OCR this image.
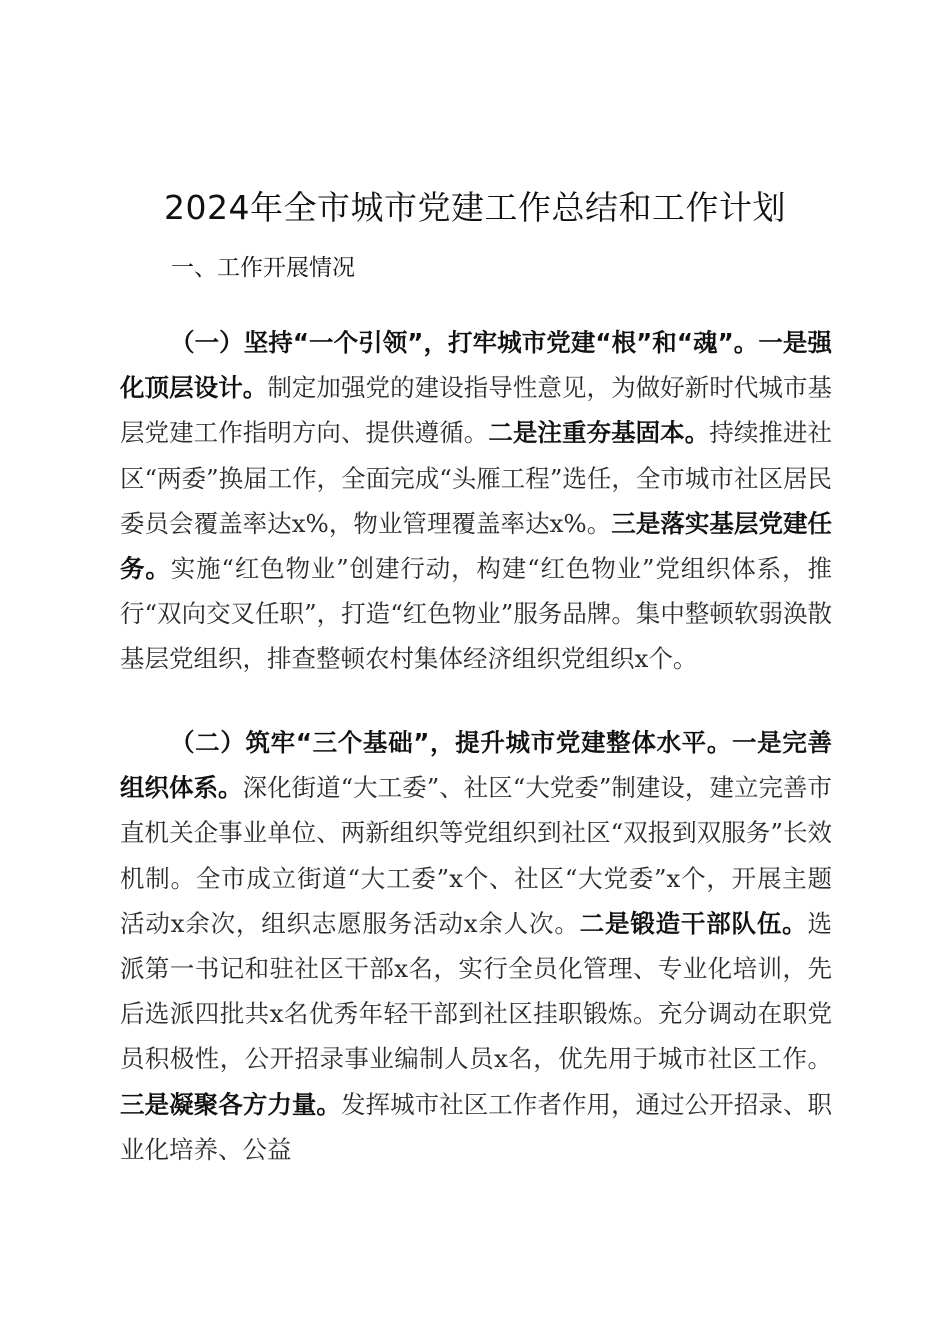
2024年全市城市党建工作总结和工作计划
一、工作开展情况
（一）坚持“一个引领”，打牢城市党建“根”和“魂”。一是强化顶层设计。制定加强党的建设指导性意见，为做好新时代城市基层党建工作指明方向、提供遵循。二是注重夯基固本。持续推进社区“两委”换届工作，全面完成“头雁工程”选任，全市城市社区居民委员会覆盖率达x%，物业管理覆盖率达x%。三是落实基层党建任务。实施“红色物业”创建行动，构建“红色物业”党组织体系，推行“双向交叉任职”，打造“红色物业”服务品牌。集中整顿软弱涣散基层党组织，排查整顿农村集体经济组织党组织x个。
（二）筑牢“三个基础”，提升城市党建整体水平。一是完善组织体系。深化街道“大工委”、社区“大党委”制建设，建立完善市直机关企事业单位、两新组织等党组织到社区“双报到双服务”长效机制。全市成立街道“大工委”x个、社区“大党委”x个，开展主题活动x余次，组织志愿服务活动x余人次。二是锻造干部队伍。选派第一书记和驻社区干部x名，实行全员化管理、专业化培训，先后选派四批共x名优秀年轻干部到社区挂职锻炼。充分调动在职党员积极性，公开招录事业编制人员x名，优先用于城市社区工作。三是凝聚各方力量。发挥城市社区工作者作用，通过公开招录、职业化培养、公益
